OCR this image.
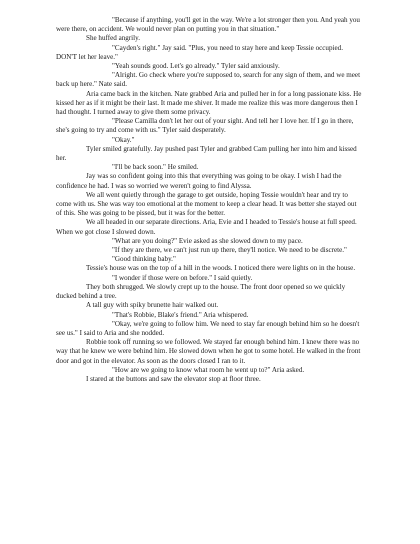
"Because if anything, you'll get in the way. We're a lot stronger then you. And yeah you were there, on accident. We would never plan on putting you in that situation."

She huffed angrily.

"Cayden's right." Jay said. "Plus, you need to stay here and keep Tessie occupied. DON'T let her leave."

"Yeah sounds good. Let's go already." Tyler said anxiously.

"Alright. Go check where you're supposed to, search for any sign of them, and we meet back up here." Nate said.

Aria came back in the kitchen. Nate grabbed Aria and pulled her in for a long passionate kiss. He kissed her as if it might be their last. It made me shiver. It made me realize this was more dangerous then I had thought. I turned away to give them some privacy.

"Please Camilla don't let her out of your sight. And tell her I love her. If I go in there, she's going to try and come with us." Tyler said desperately.

"Okay."

Tyler smiled gratefully. Jay pushed past Tyler and grabbed Cam pulling her into him and kissed her.

"I'll be back soon." He smiled.

Jay was so confident going into this that everything was going to be okay. I wish I had the confidence he had. I was so worried we weren't going to find Alyssa.

We all went quietly through the garage to get outside, hoping Tessie wouldn't hear and try to come with us. She was way too emotional at the moment to keep a clear head. It was better she stayed out of this. She was going to be pissed, but it was for the better.

We all headed in our separate directions. Aria, Evie and I headed to Tessie's house at full speed. When we got close I slowed down.

"What are you doing?" Evie asked as she slowed down to my pace.

"If they are there, we can't just run up there, they'll notice. We need to be discrete."

"Good thinking baby."

Tessie's house was on the top of a hill in the woods. I noticed there were lights on in the house.

"I wonder if those were on before." I said quietly.

They both shrugged. We slowly crept up to the house. The front door opened so we quickly ducked behind a tree.

A tall guy with spiky brunette hair walked out.

"That's Robbie, Blake's friend." Aria whispered.

"Okay, we're going to follow him. We need to stay far enough behind him so he doesn't see us." I said to Aria and she nodded.

Robbie took off running so we followed. We stayed far enough behind him. I knew there was no way that he knew we were behind him. He slowed down when he got to some hotel. He walked in the front door and got in the elevator. As soon as the doors closed I ran to it.

"How are we going to know what room he went up to?" Aria asked.

I stared at the buttons and saw the elevator stop at floor three.
